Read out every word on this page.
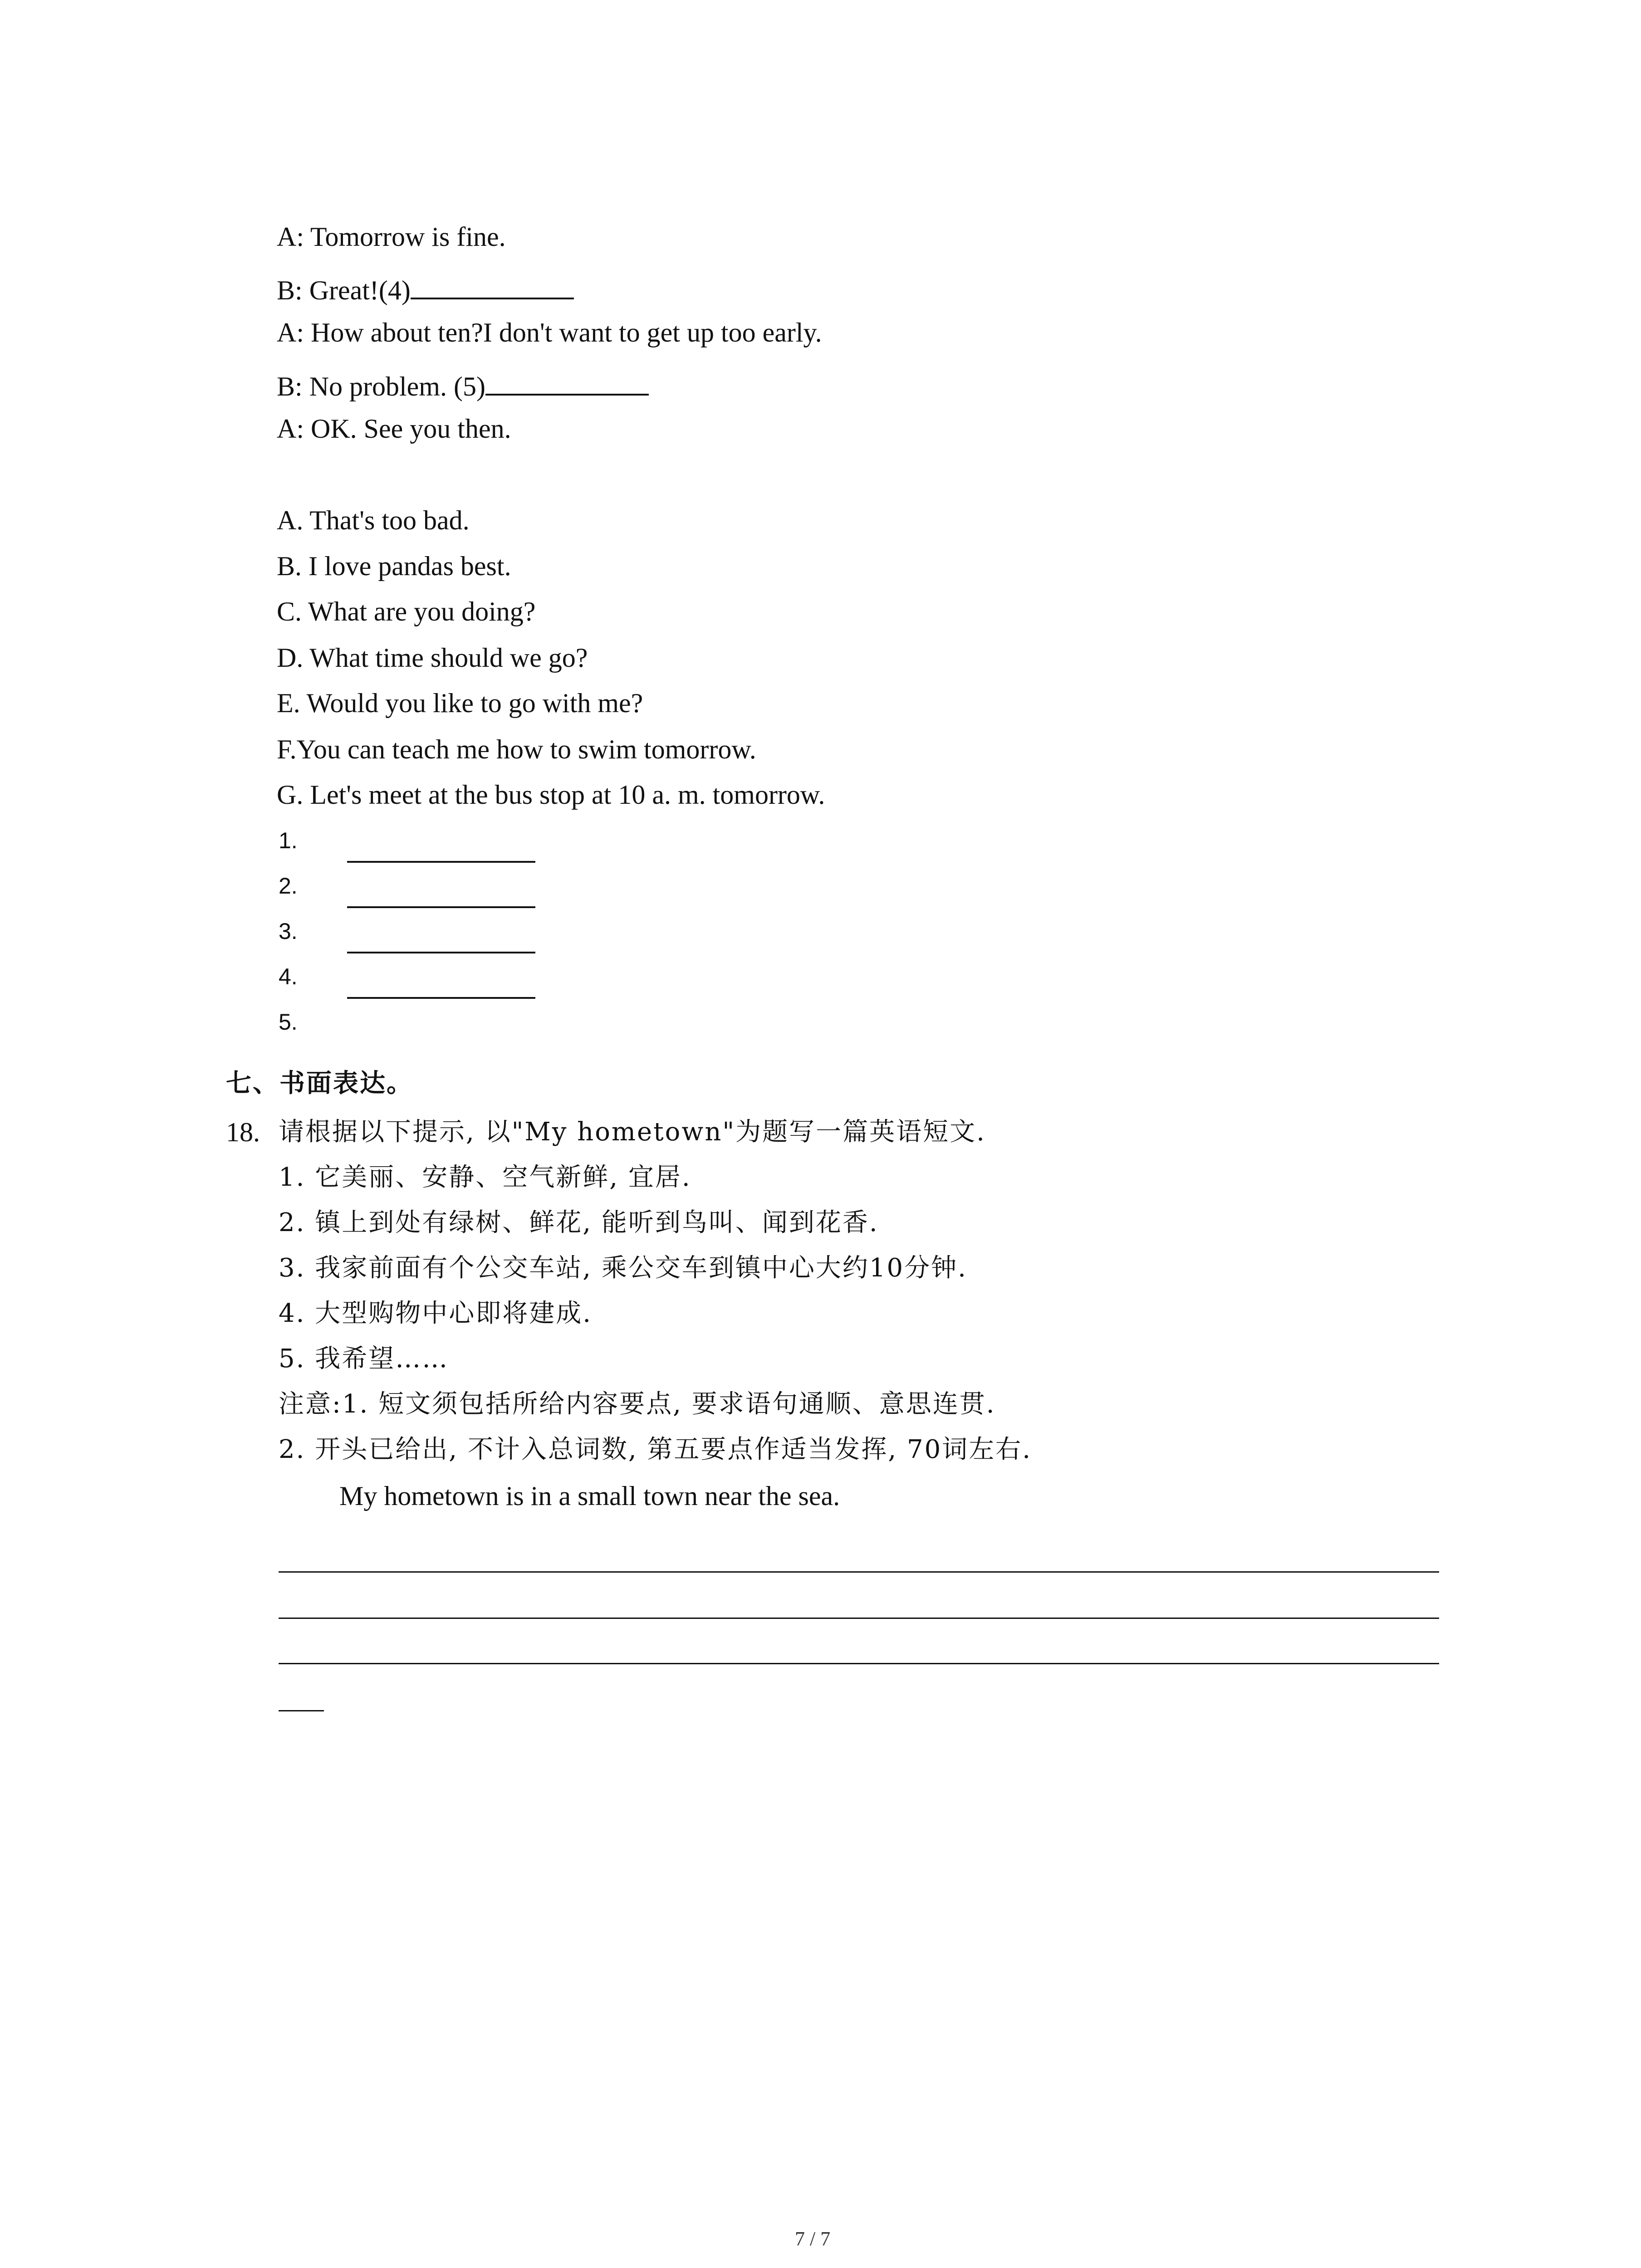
A: Tomorrow is fine.
B: Great!(4)
A: How about ten?I don't want to get up too early.
B: No problem. (5)
A: OK. See you then.
A. That's too bad.
B. I love pandas best.
C. What are you doing?
D. What time should we go?
E. Would you like to go with me?
F.You can teach me how to swim tomorrow.
G. Let's meet at the bus stop at 10 a. m. tomorrow.
1.
2.
3.
4.
5.
七、书面表达。
18. 请根据以下提示, 以"My hometown"为题写一篇英语短文.
1. 它美丽、安静、空气新鲜, 宜居.
2. 镇上到处有绿树、鲜花, 能听到鸟叫、闻到花香.
3. 我家前面有个公交车站, 乘公交车到镇中心大约10分钟.
4. 大型购物中心即将建成.
5. 我希望……
注意:1. 短文须包括所给内容要点, 要求语句通顺、意思连贯.
2. 开头已给出, 不计入总词数, 第五要点作适当发挥, 70词左右.
My hometown is in a small town near the sea.
7 / 7
